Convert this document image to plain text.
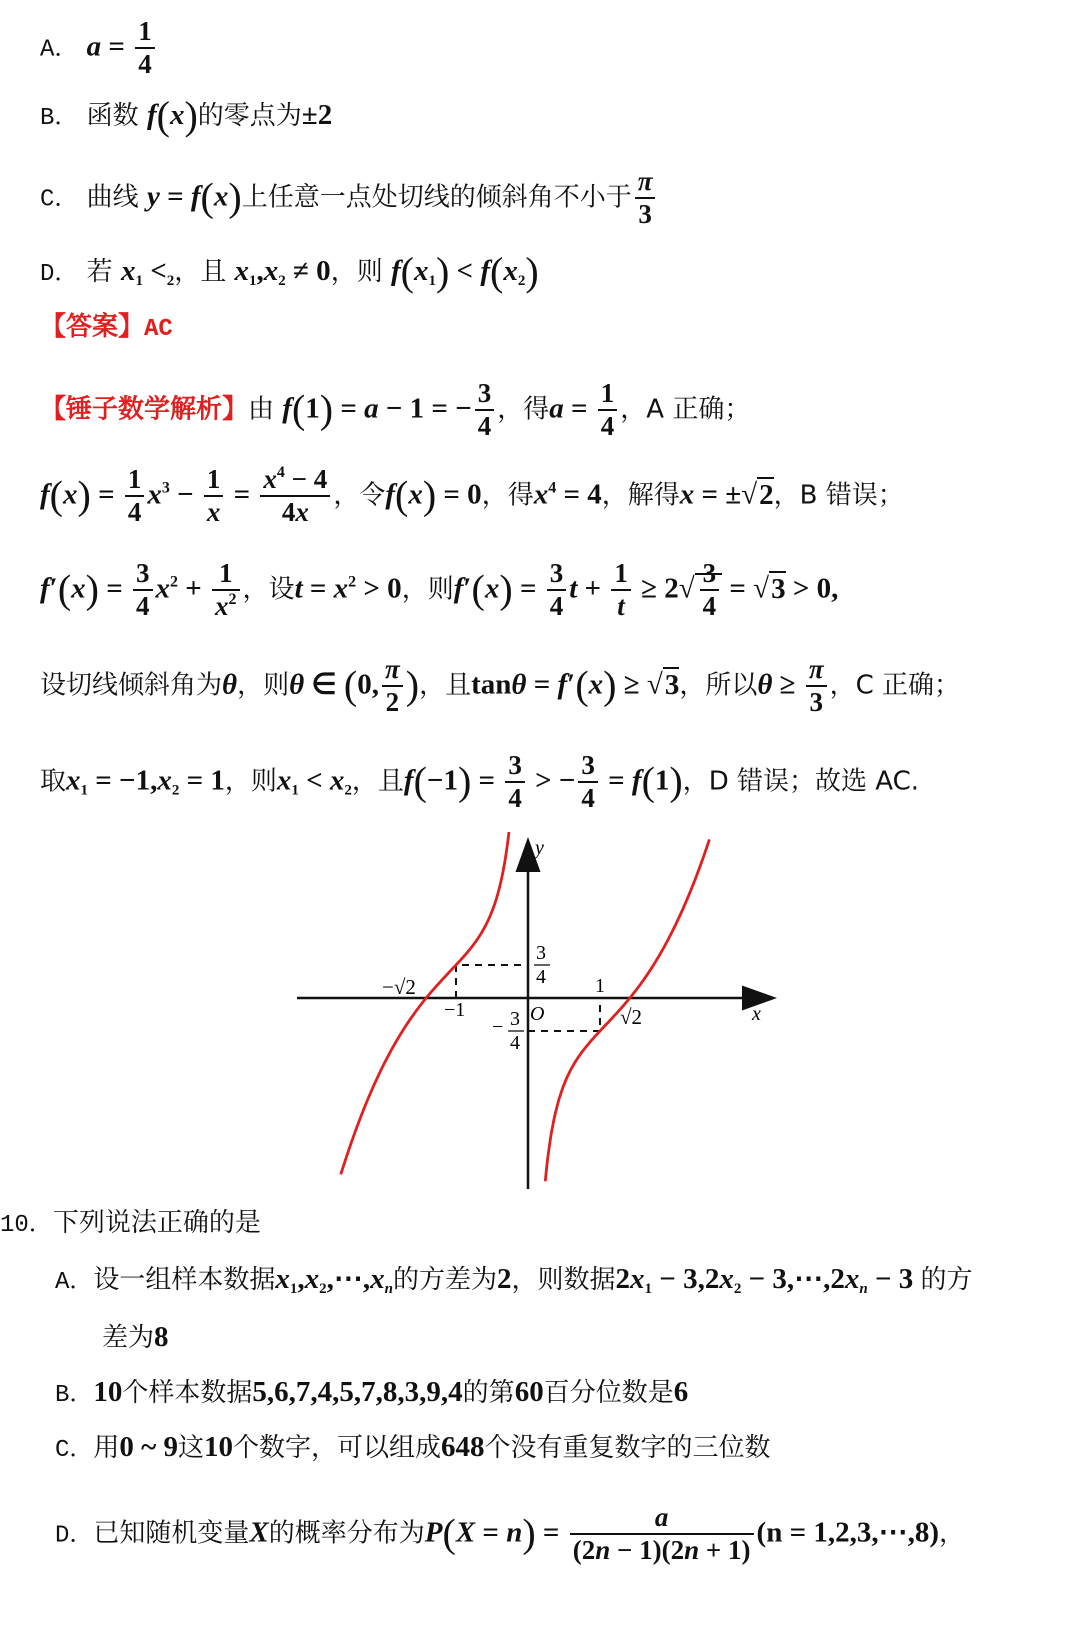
A． $a = \frac{1}{4}$
B． 函数 f(x)的零点为±2
C． 曲线 y = f(x)上任意一点处切线的倾斜角不小于 $\frac{\pi}{3}$
D． 若 $x_1 <_2$，且 $x_1,x_2 \ne 0$，则 $f(x_1) < f(x_2)$
【答案】AC
【锤子数学解析】由 f(1) = a − 1 = − $\frac{3}{4}$ ，得$a = \frac{1}{4}$ ，A 正确；
$f(x) = \frac{1}{4} x^3 - \frac{1}{x} = \frac{x^4 - 4}{4x}$ ，令f(x) = 0，得$x^4 = 4$，解得x = ±√2，B 错误；
$f'(x) = \frac{3}{4} x^2 + \frac{1}{x^2}$ ，设$t = x^2 > 0$，则$f'(x) = \frac{3}{4}$ $t + \frac{1}{t} \ge 2√ \frac{3}{4} = √3 > 0$,
设切线倾斜角为θ，则θ ∈ (0, $\frac{\pi}{2}$ )，且tanθ = f′(x) ≥ √3，所以$\theta \ge \frac{\pi}{3}$ ，C 正确；
取$x_1 = -1,x_2 = 1$，则$x_1 < x_2$，且$f(-1) = \frac{3}{4}$ > − $\frac{3}{4} = f(1)$，D 错误；故选 AC.
y
x
O
−√2
−1
1
√2
3
4
− 3
4
10．下列说法正确的是
A．设一组样本数据$x_1,x_2,\cdots,x_n$的方差为2，则数据$2x_1 - 3,2x_2$ − $3,\cdots,2x_n - 3$ 的方
差为8
B．10个样本数据5,6,7,4,5,7,8,3,9,4的第60百分位数是6
C．用0 ~ 9这10个数字，可以组成648个没有重复数字的三位数
D．已知随机变量X的概率分布为$P(X = n) = \frac{a}{(2n - 1)(2n + 1)} (n$ = 1,2,3,⋯,8)，
